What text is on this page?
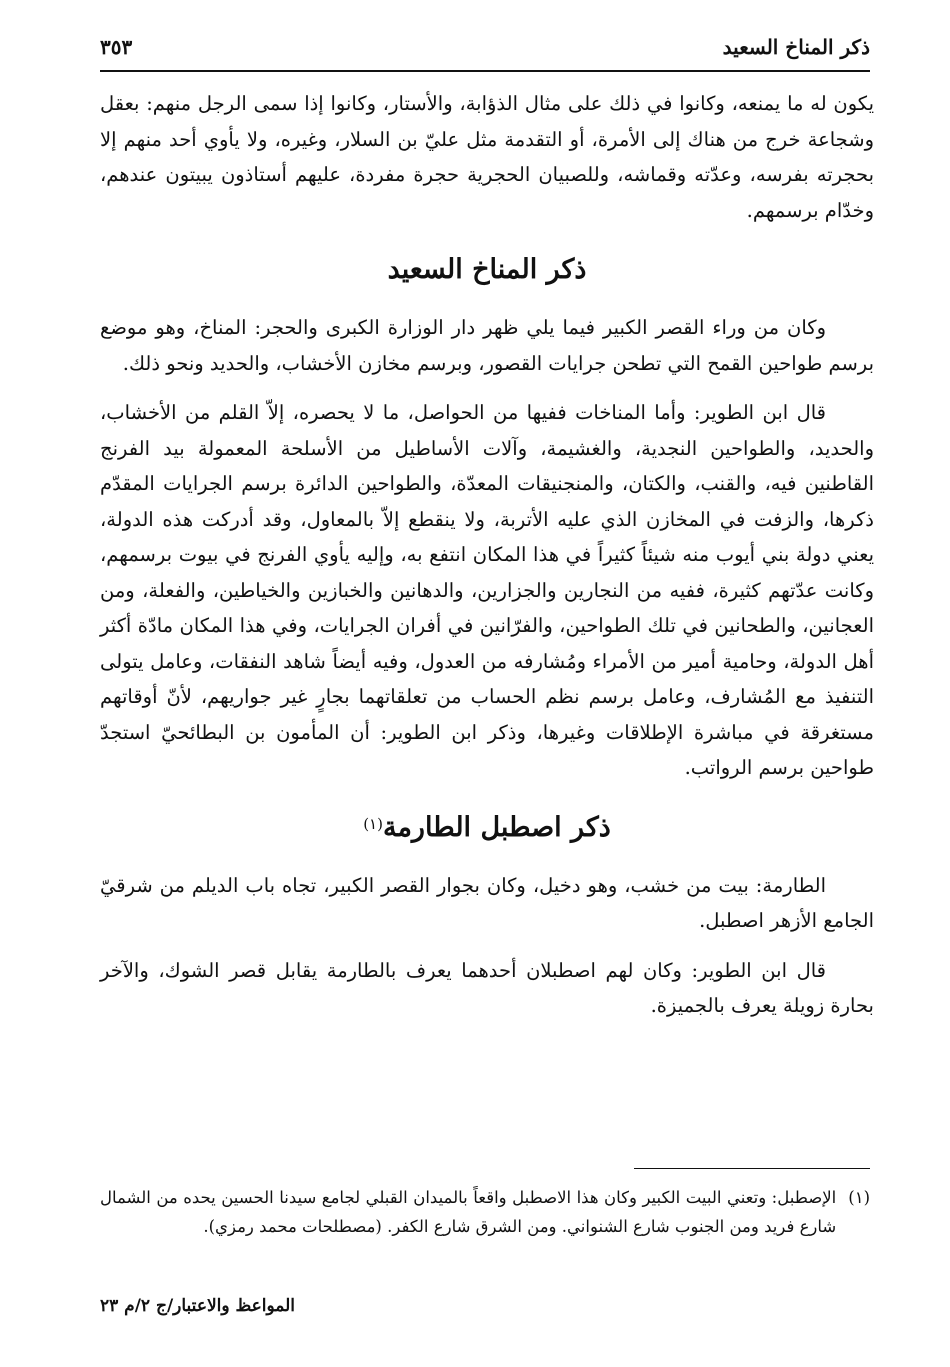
ذكر المناخ السعيد
٣٥٣

يكون له ما يمنعه، وكانوا في ذلك على مثال الذؤابة، والأستار، وكانوا إذا سمى الرجل منهم: بعقل وشجاعة خرج من هناك إلى الأمرة، أو التقدمة مثل عليّ بن السلار، وغيره، ولا يأوي أحد منهم إلا بحجرته بفرسه، وعدّته وقماشه، وللصبيان الحجرية حجرة مفردة، عليهم أستاذون يبيتون عندهم، وخدّام برسمهم.

ذكر المناخ السعيد

وكان من وراء القصر الكبير فيما يلي ظهر دار الوزارة الكبرى والحجر: المناخ، وهو موضع برسم طواحين القمح التي تطحن جرايات القصور، وبرسم مخازن الأخشاب، والحديد ونحو ذلك.

قال ابن الطوير: وأما المناخات ففيها من الحواصل، ما لا يحصره، إلاّ القلم من الأخشاب، والحديد، والطواحين النجدية، والغشيمة، وآلات الأساطيل من الأسلحة المعمولة بيد الفرنج القاطنين فيه، والقنب، والكتان، والمنجنيقات المعدّة، والطواحين الدائرة برسم الجرايات المقدّم ذكرها، والزفت في المخازن الذي عليه الأتربة، ولا ينقطع إلاّ بالمعاول، وقد أدركت هذه الدولة، يعني دولة بني أيوب منه شيئاً كثيراً في هذا المكان انتفع به، وإليه يأوي الفرنج في بيوت برسمهم، وكانت عدّتهم كثيرة، ففيه من النجارين والجزارين، والدهانين والخبازين والخياطين، والفعلة، ومن العجانين، والطحانين في تلك الطواحين، والفرّانين في أفران الجرايات، وفي هذا المكان مادّة أكثر أهل الدولة، وحامية أمير من الأمراء ومُشارفه من العدول، وفيه أيضاً شاهد النفقات، وعامل يتولى التنفيذ مع المُشارف، وعامل برسم نظم الحساب من تعلقاتهما بجارٍ غير جواريهم، لأنّ أوقاتهم مستغرقة في مباشرة الإطلاقات وغيرها، وذكر ابن الطوير: أن المأمون بن البطائحيّ استجدّ طواحين برسم الرواتب.

ذكر اصطبل الطارمة$^{(١)}$

الطارمة: بيت من خشب، وهو دخيل، وكان بجوار القصر الكبير، تجاه باب الديلم من شرقيّ الجامع الأزهر اصطبل.

قال ابن الطوير: وكان لهم اصطبلان أحدهما يعرف بالطارمة يقابل قصر الشوك، والآخر بحارة زويلة يعرف بالجميزة.

(١)
الإصطبل: وتعني البيت الكبير وكان هذا الاصطبل واقعاً بالميدان القبلي لجامع سيدنا الحسين يحده من الشمال شارع فريد ومن الجنوب شارع الشنواني. ومن الشرق شارع الكفر. (مصطلحات محمد رمزي).
المواعظ والاعتبار/ج ٢/م ٢٣
